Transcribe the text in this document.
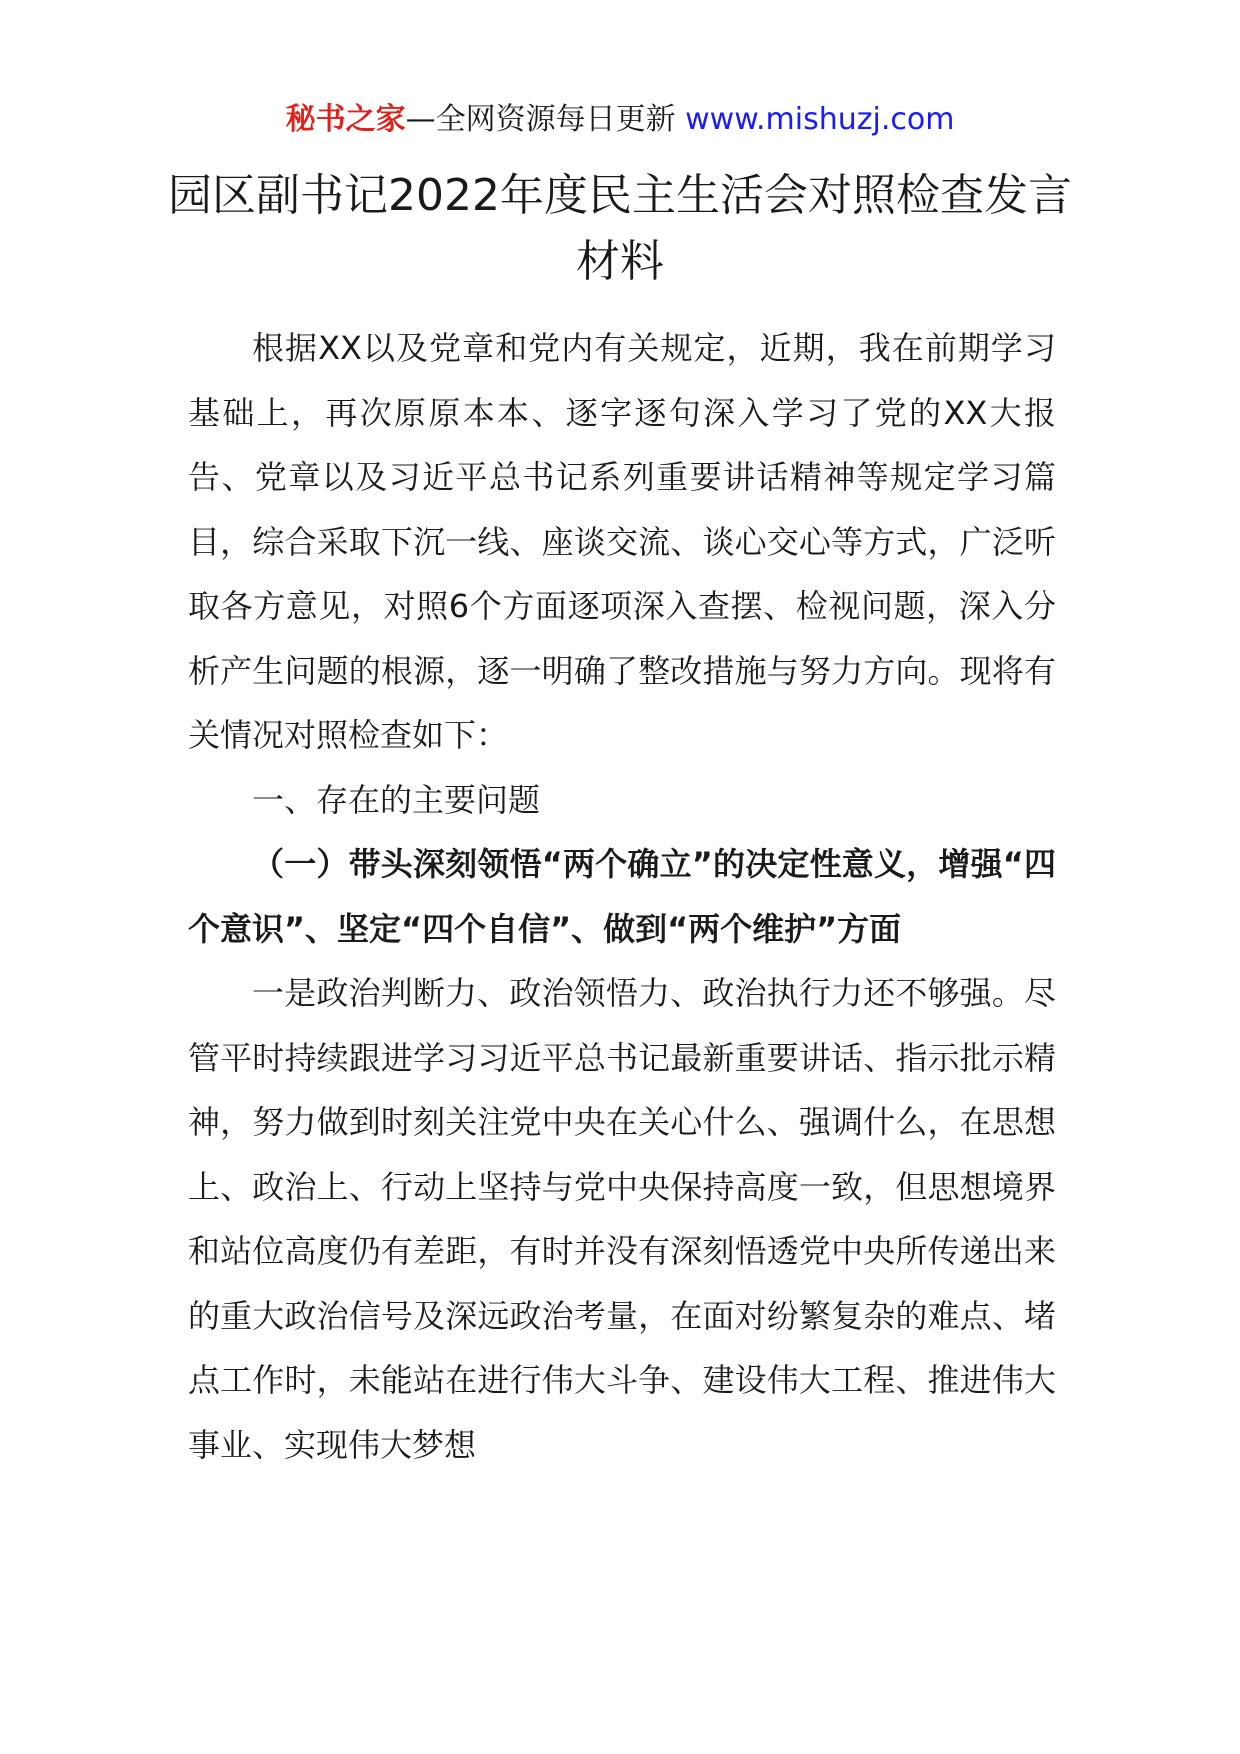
秘书之家—全网资源每日更新 www.mishuzj.com
园区副书记2022年度民主生活会对照检查发言材料

根据XX以及党章和党内有关规定，近期，我在前期学习基础上，再次原原本本、逐字逐句深入学习了党的XX大报告、党章以及习近平总书记系列重要讲话精神等规定学习篇目，综合采取下沉一线、座谈交流、谈心交心等方式，广泛听取各方意见，对照6个方面逐项深入查摆、检视问题，深入分析产生问题的根源，逐一明确了整改措施与努力方向。现将有关情况对照检查如下：

一、存在的主要问题

（一）带头深刻领悟“两个确立”的决定性意义，增强“四个意识”、坚定“四个自信”、做到“两个维护”方面

一是政治判断力、政治领悟力、政治执行力还不够强。尽管平时持续跟进学习习近平总书记最新重要讲话、指示批示精神，努力做到时刻关注党中央在关心什么、强调什么，在思想上、政治上、行动上坚持与党中央保持高度一致，但思想境界和站位高度仍有差距，有时并没有深刻悟透党中央所传递出来的重大政治信号及深远政治考量，在面对纷繁复杂的难点、堵点工作时，未能站在进行伟大斗争、建设伟大工程、推进伟大事业、实现伟大梦想
